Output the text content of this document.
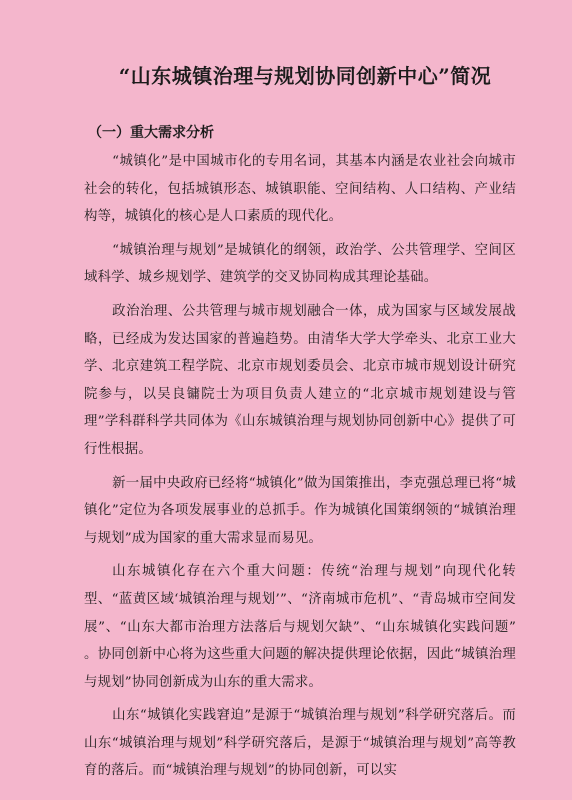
“山东城镇治理与规划协同创新中心”简况
（一）重大需求分析

“城镇化”是中国城市化的专用名词，其基本内涵是农业社会向城市社会的转化，包括城镇形态、城镇职能、空间结构、人口结构、产业结构等，城镇化的核心是人口素质的现代化。

“城镇治理与规划”是城镇化的纲领，政治学、公共管理学、空间区域科学、城乡规划学、建筑学的交叉协同构成其理论基础。

政治治理、公共管理与城市规划融合一体，成为国家与区域发展战略，已经成为发达国家的普遍趋势。由清华大学大学牵头、北京工业大学、北京建筑工程学院、北京市规划委员会、北京市城市规划设计研究院参与，以吴良镛院士为项目负责人建立的“北京城市规划建设与管理”学科群科学共同体为《山东城镇治理与规划协同创新中心》提供了可行性根据。

新一届中央政府已经将“城镇化”做为国策推出，李克强总理已将“城镇化”定位为各项发展事业的总抓手。作为城镇化国策纲领的“城镇治理与规划”成为国家的重大需求显而易见。

山东城镇化存在六个重大问题：传统“治理与规划”向现代化转型、“蓝黄区域‘城镇治理与规划’”、“济南城市危机”、“青岛城市空间发展”、“山东大都市治理方法落后与规划欠缺”、“山东城镇化实践问题” 。协同创新中心将为这些重大问题的解决提供理论依据，因此“城镇治理与规划”协同创新成为山东的重大需求。

山东“城镇化实践窘迫”是源于“城镇治理与规划”科学研究落后。而山东“城镇治理与规划”科学研究落后，是源于“城镇治理与规划”高等教育的落后。而“城镇治理与规划”的协同创新，可以实
